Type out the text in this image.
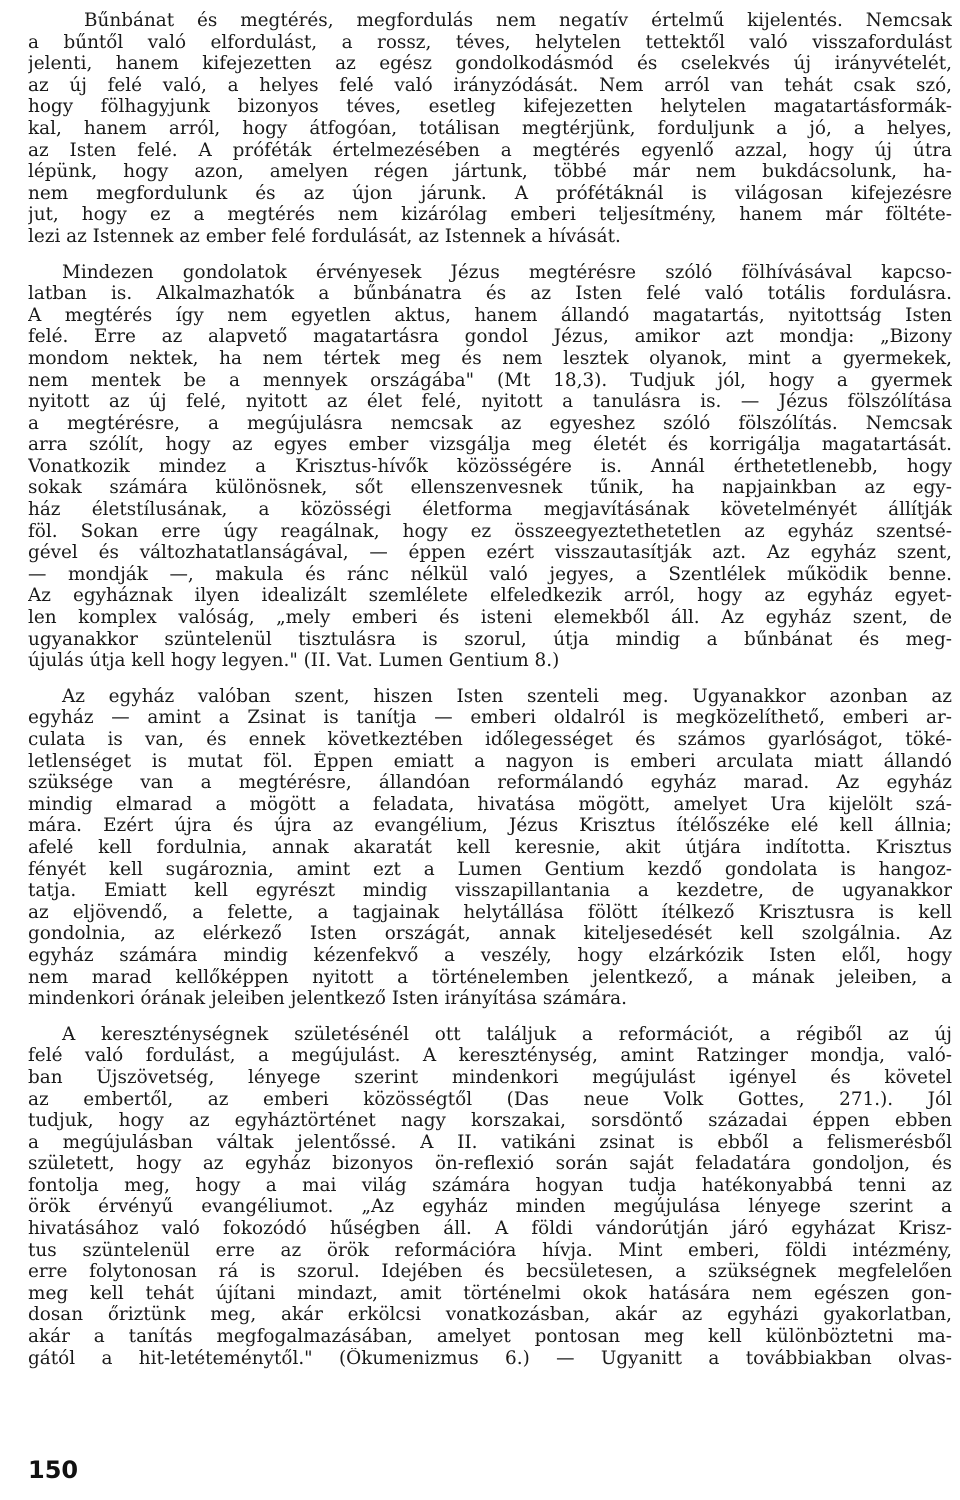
Bűnbánat és megtérés, megfordulás nem negatív értelmű kijelentés. Nemcsak
a bűntől való elfordulást, a rossz, téves, helytelen tettektől való visszafordulást
jelenti, hanem kifejezetten az egész gondolkodásmód és cselekvés új irányvételét,
az új felé való, a helyes felé való irányzódását. Nem arról van tehát csak szó,
hogy fölhagyjunk bizonyos téves, esetleg kifejezetten helytelen magatartásformák-
kal, hanem arról, hogy átfogóan, totálisan megtérjünk, forduljunk a jó, a helyes,
az Isten felé. A próféták értelmezésében a megtérés egyenlő azzal, hogy új útra
lépünk, hogy azon, amelyen régen jártunk, többé már nem bukdácsolunk, ha-
nem megfordulunk és az újon járunk. A prófétáknál is világosan kifejezésre
jut, hogy ez a megtérés nem kizárólag emberi teljesítmény, hanem már föltéte-
lezi az Istennek az ember felé fordulását, az Istennek a hívását.
Mindezen gondolatok érvényesek Jézus megtérésre szóló fölhívásával kapcso-
latban is. Alkalmazhatók a bűnbánatra és az Isten felé való totális fordulásra.
A megtérés így nem egyetlen aktus, hanem állandó magatartás, nyitottság Isten
felé. Erre az alapvető magatartásra gondol Jézus, amikor azt mondja: „Bizony
mondom nektek, ha nem tértek meg és nem lesztek olyanok, mint a gyermekek,
nem mentek be a mennyek országába" (Mt 18,3). Tudjuk jól, hogy a gyermek
nyitott az új felé, nyitott az élet felé, nyitott a tanulásra is. — Jézus fölszólítása
a megtérésre, a megújulásra nemcsak az egyeshez szóló fölszólítás. Nemcsak
arra szólít, hogy az egyes ember vizsgálja meg életét és korrigálja magatartását.
Vonatkozik mindez a Krisztus-hívők közösségére is. Annál érthetetlenebb, hogy
sokak számára különösnek, sőt ellenszenvesnek tűnik, ha napjainkban az egy-
ház életstílusának, a közösségi életforma megjavításának követelményét állítják
föl. Sokan erre úgy reagálnak, hogy ez összeegyeztethetetlen az egyház szentsé-
gével és változhatatlanságával, — éppen ezért visszautasítják azt. Az egyház szent,
— mondják —, makula és ránc nélkül való jegyes, a Szentlélek működik benne.
Az egyháznak ilyen idealizált szemlélete elfeledkezik arról, hogy az egyház egyet-
len komplex valóság, „mely emberi és isteni elemekből áll. Az egyház szent, de
ugyanakkor szüntelenül tisztulásra is szorul, útja mindig a bűnbánat és meg-
újulás útja kell hogy legyen." (II. Vat. Lumen Gentium 8.)
Az egyház valóban szent, hiszen Isten szenteli meg. Ugyanakkor azonban az
egyház — amint a Zsinat is tanítja — emberi oldalról is megközelíthető, emberi ar-
culata is van, és ennek következtében időlegességet és számos gyarlóságot, töké-
letlenséget is mutat föl. Éppen emiatt a nagyon is emberi arculata miatt állandó
szüksége van a megtérésre, állandóan reformálandó egyház marad. Az egyház
mindig elmarad a mögött a feladata, hivatása mögött, amelyet Ura kijelölt szá-
mára. Ezért újra és újra az evangélium, Jézus Krisztus ítélőszéke elé kell állnia;
afelé kell fordulnia, annak akaratát kell keresnie, akit útjára indította. Krisztus
fényét kell sugároznia, amint ezt a Lumen Gentium kezdő gondolata is hangoz-
tatja. Emiatt kell egyrészt mindig visszapillantania a kezdetre, de ugyanakkor
az eljövendő, a felette, a tagjainak helytállása fölött ítélkező Krisztusra is kell
gondolnia, az elérkező Isten országát, annak kiteljesedését kell szolgálnia. Az
egyház számára mindig kézenfekvő a veszély, hogy elzárkózik Isten elől, hogy
nem marad kellőképpen nyitott a történelemben jelentkező, a mának jeleiben, a
mindenkori órának jeleiben jelentkező Isten irányítása számára.
A kereszténységnek születésénél ott találjuk a reformációt, a régiből az új
felé való fordulást, a megújulást. A kereszténység, amint Ratzinger mondja, való-
ban Újszövetség, lényege szerint mindenkori megújulást igényel és követel
az embertől, az emberi közösségtől (Das neue Volk Gottes, 271.). Jól
tudjuk, hogy az egyháztörténet nagy korszakai, sorsdöntő századai éppen ebben
a megújulásban váltak jelentőssé. A II. vatikáni zsinat is ebből a felismerésből
született, hogy az egyház bizonyos ön-reflexió során saját feladatára gondoljon, és
fontolja meg, hogy a mai világ számára hogyan tudja hatékonyabbá tenni az
örök érvényű evangéliumot. „Az egyház minden megújulása lényege szerint a
hivatásához való fokozódó hűségben áll. A földi vándorútján járó egyházat Krisz-
tus szüntelenül erre az örök reformációra hívja. Mint emberi, földi intézmény,
erre folytonosan rá is szorul. Idejében és becsületesen, a szükségnek megfelelően
meg kell tehát újítani mindazt, amit történelmi okok hatására nem egészen gon-
dosan őriztünk meg, akár erkölcsi vonatkozásban, akár az egyházi gyakorlatban,
akár a tanítás megfogalmazásában, amelyet pontosan meg kell különböztetni ma-
gától a hit-letéteménytől." (Ökumenizmus 6.) — Ugyanitt a továbbiakban olvas-
150
